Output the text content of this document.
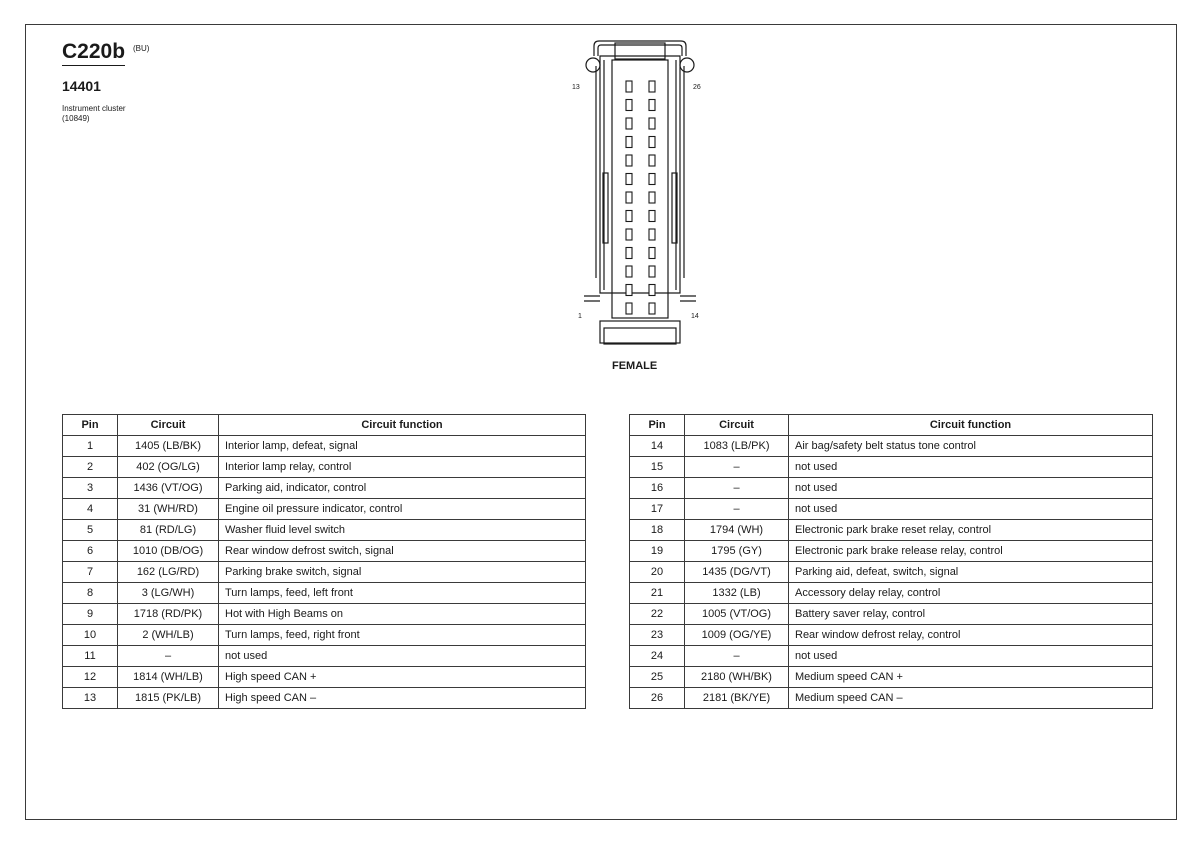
C220b (BU)
14401
Instrument cluster
(10849)
13	26
1	14
FEMALE
Pin	Circuit	Circuit function
1	1405 (LB/BK)	Interior lamp, defeat, signal
2	402 (OG/LG)	Interior lamp relay, control
3	1436 (VT/OG)	Parking aid, indicator, control
4	31 (WH/RD)	Engine oil pressure indicator, control
5	81 (RD/LG)	Washer fluid level switch
6	1010 (DB/OG)	Rear window defrost switch, signal
7	162 (LG/RD)	Parking brake switch, signal
8	3 (LG/WH)	Turn lamps, feed, left front
9	1718 (RD/PK)	Hot with High Beams on
10	2 (WH/LB)	Turn lamps, feed, right front
11	–	not used
12	1814 (WH/LB)	High speed CAN +
13	1815 (PK/LB)	High speed CAN –
Pin	Circuit	Circuit function
14	1083 (LB/PK)	Air bag/safety belt status tone control
15	–	not used
16	–	not used
17	–	not used
18	1794 (WH)	Electronic park brake reset relay, control
19	1795 (GY)	Electronic park brake release relay, control
20	1435 (DG/VT)	Parking aid, defeat, switch, signal
21	1332 (LB)	Accessory delay relay, control
22	1005 (VT/OG)	Battery saver relay, control
23	1009 (OG/YE)	Rear window defrost relay, control
24	–	not used
25	2180 (WH/BK)	Medium speed CAN +
26	2181 (BK/YE)	Medium speed CAN –
